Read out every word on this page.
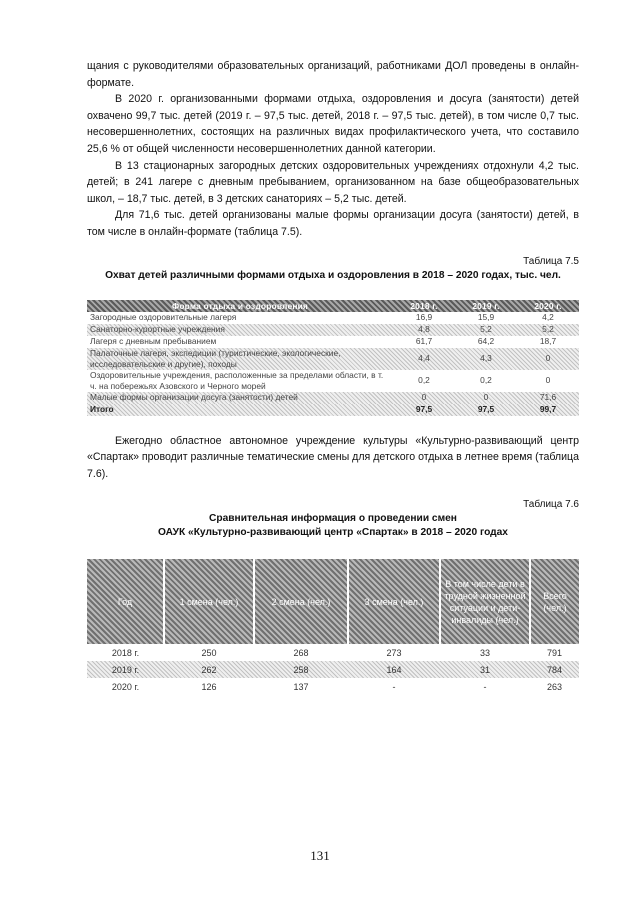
щания с руководителями образовательных организаций, работниками ДОЛ проведены в онлайн-формате.

В 2020 г. организованными формами отдыха, оздоровления и досуга (занятости) детей охвачено 99,7 тыс. детей (2019 г. – 97,5 тыс. детей, 2018 г. – 97,5 тыс. детей), в том числе 0,7 тыс. несовершеннолетних, состоящих на различных видах профилактического учета, что составило 25,6 % от общей численности несовершеннолетних данной категории.

В 13 стационарных загородных детских оздоровительных учреждениях отдохнули 4,2 тыс. детей; в 241 лагере с дневным пребыванием, организованном на базе общеобразовательных школ, – 18,7 тыс. детей, в 3 детских санаториях – 5,2 тыс. детей.

Для 71,6 тыс. детей организованы малые формы организации досуга (занятости) детей, в том числе в онлайн-формате (таблица 7.5).

Таблица 7.5
Охват детей различными формами отдыха и оздоровления в 2018 – 2020 годах, тыс. чел.
Форма отдыха и оздоровления	2018 г.	2019 г.	2020 г.
Загородные оздоровительные лагеря	16,9	15,9	4,2
Санаторно-курортные учреждения	4,8	5,2	5,2
Лагеря с дневным пребыванием	61,7	64,2	18,7
Палаточные лагеря, экспедиции (туристические, экологические, исследовательские и другие), походы	4,4	4,3	0
Оздоровительные учреждения, расположенные за пределами области, в т. ч. на побережьях Азовского и Черного морей	0,2	0,2	0
Малые формы организации досуга (занятости) детей	0	0	71,6
Итого	97,5	97,5	99,7

Ежегодно областное автономное учреждение культуры «Культурно-развивающий центр «Спартак» проводит различные тематические смены для детского отдыха в летнее время (таблица 7.6).

Таблица 7.6
Сравнительная информация о проведении смен
ОАУК «Культурно-развивающий центр «Спартак» в 2018 – 2020 годах
Год	1 смена (чел.)	2 смена (чел.)	3 смена (чел.)	В том числе дети в трудной жизненной ситуации и дети-инвалиды (чел.)	Всего (чел.)
2018 г.	250	268	273	33	791
2019 г.	262	258	164	31	784
2020 г.	126	137	-	-	263
131
